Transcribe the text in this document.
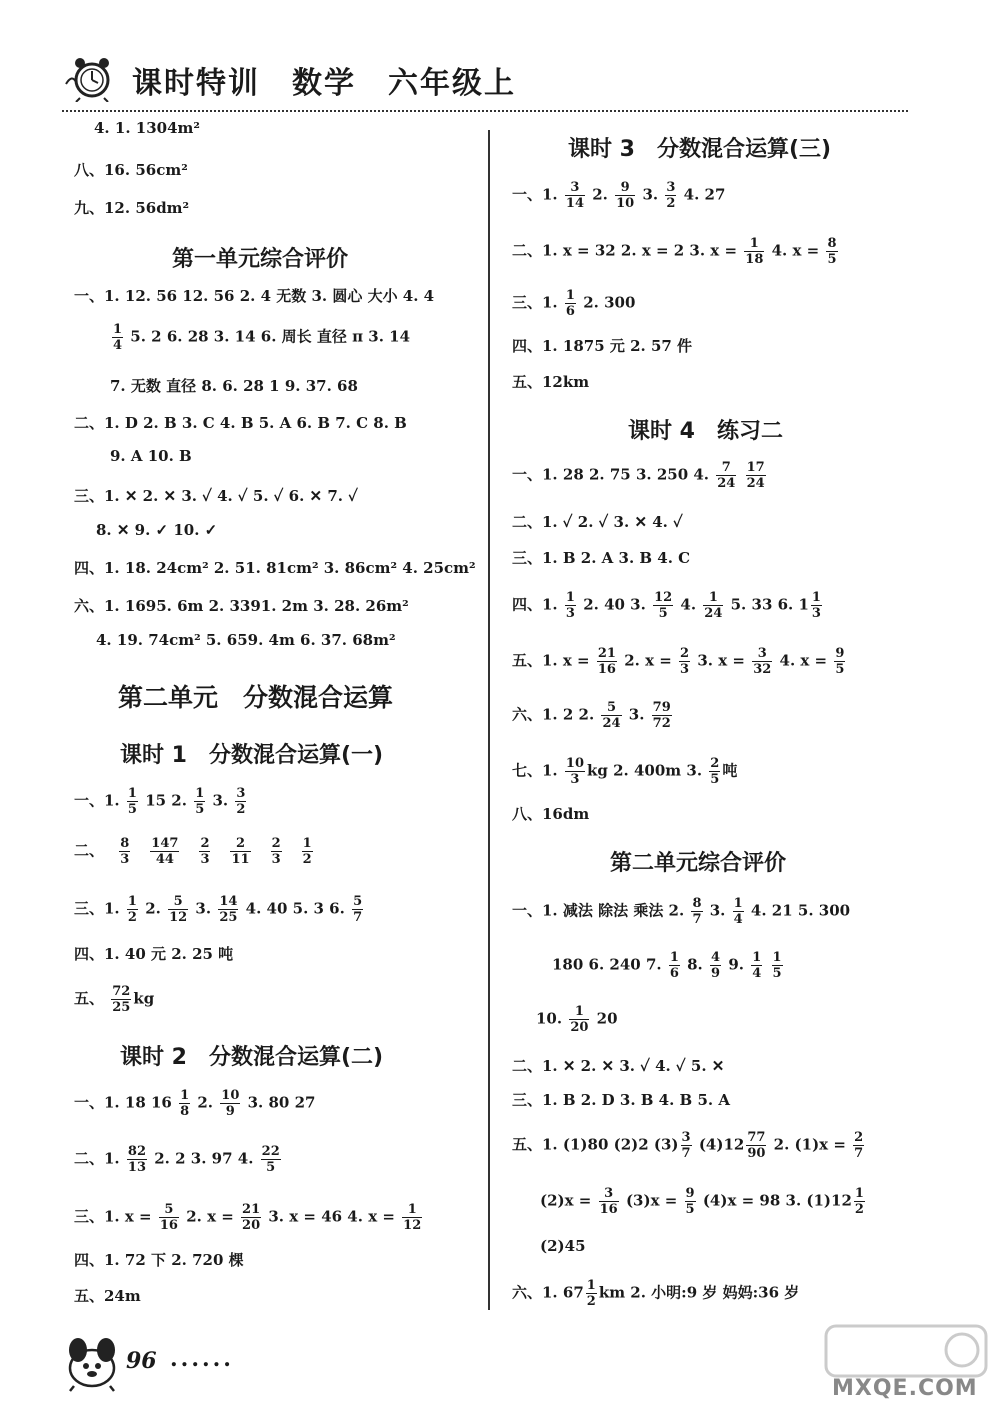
课时特训　数学　六年级上
4. 1. 1304m²
八、16. 56cm²
九、12. 56dm²
第一单元综合评价
一、1. 12. 56 12. 56 2. 4 无数 3. 圆心 大小 4. 4
$\frac{1}{4} 5$. 2 6. 28 3. 14 6. 周长 直径 π 3. 14
7. 无数 直径 8. 6. 28 1 9. 37. 68
二、1. D 2. B 3. C 4. B 5. A 6. B 7. C 8. B
9. A 10. B
三、1. ✕ 2. ✕ 3. ✓ 4. ✓ 5. ✓ 6. ✕ 7. ✓
8. ✕ 9. ✓ 10. ✓
四、1. 18. 24cm² 2. 51. 81cm² 3. 86cm² 4. 25cm²
六、1. 1695. 6m 2. 3391. 2m 3. 28. 26m²
4. 19. 74cm² 5. 659. 4m 6. 37. 68m²
第二单元　分数混合运算
课时 1　分数混合运算(一)
一、1. $\frac{1}{5} 15$ 2. $\frac{1}{5} 3$. $\frac{3}{2}$
二、 $\frac{8}{3} \frac{147}{44} \frac{2}{3} \frac{2}{11} \frac{2}{3} \frac{1}{2}$
三、1. $\frac{1}{2} 2$. $\frac{5}{12} 3$. $\frac{14}{25} 4$. 40 5. 3 6. $\frac{5}{7}$
四、1. 40 元 2. 25 吨
五、 $\frac{72}{25}$ kg
课时 2　分数混合运算(二)
一、1. 18 $16 \frac{1}{8} 2$. $\frac{10}{9} 3$. 80 27
二、1. $\frac{82}{13} 2$. 2 3. 97 4. $\frac{22}{5}$
三、1. $x = \frac{5}{16} 2$. $x = \frac{21}{20} 3$. x = 46 4. $x = \frac{1}{12}$
四、1. 72 下 2. 720 棵
五、24m
课时 3　分数混合运算(三)
一、1. $\frac{3}{14} 2$. $\frac{9}{10} 3$. $\frac{3}{2} 4$. 27
二、1. x = 32 2. x = 2 3. $x = \frac{1}{18} 4$. $x = \frac{8}{5}$
三、1. $\frac{1}{6} 2$. 300
四、1. 1875 元 2. 57 件
五、12km
课时 4　练习二
一、1. 28 2. 75 3. 250 4. $\frac{7}{24}$
$\frac{17}{24}$
二、1. ✓ 2. ✓ 3. ✕ 4. ✓
三、1. B 2. A 3. B 4. C
四、1. $\frac{1}{3} 2$. 40 3. $\frac{12}{5} 4$. $\frac{1}{24} 5$. 33 6. $1 \frac{1}{3}$
五、1. $x = \frac{21}{16} 2$. $x = \frac{2}{3} 3$. $x = \frac{3}{32} 4$. $x = \frac{9}{5}$
六、1. 2 2. $\frac{5}{24} 3$. $\frac{79}{72}$
七、1. $\frac{10}{3}$ kg 2. 400m 3. $\frac{2}{5}$ 吨
八、16dm
第二单元综合评价
一、1. 减法 除法 乘法 2. $\frac{8}{7} 3$. $\frac{1}{4} 4$. 21 5. 300
180 6. 240 7. $\frac{1}{6} 8$. $\frac{4}{9} 9$. $\frac{1}{4}$
$\frac{1}{5}$
10. $\frac{1}{20} 20$
二、1. ✕ 2. ✕ 3. ✓ 4. ✓ 5. ✕
三、1. B 2. D 3. B 4. B 5. A
五、1. (1)80 (2)2 $(3) \frac{3}{7} (4)12 \frac{77}{90} 2$. $(1)x = \frac{2}{7}$
$(2)x = \frac{3}{16} (3)x = \frac{9}{5} (4)x = 98$ 3. $(1)12 \frac{1}{2}$
(2)45
六、1. $67 \frac{1}{2}$ km 2. 小明:9 岁 妈妈:36 岁
96 ......
MXQE.COM
